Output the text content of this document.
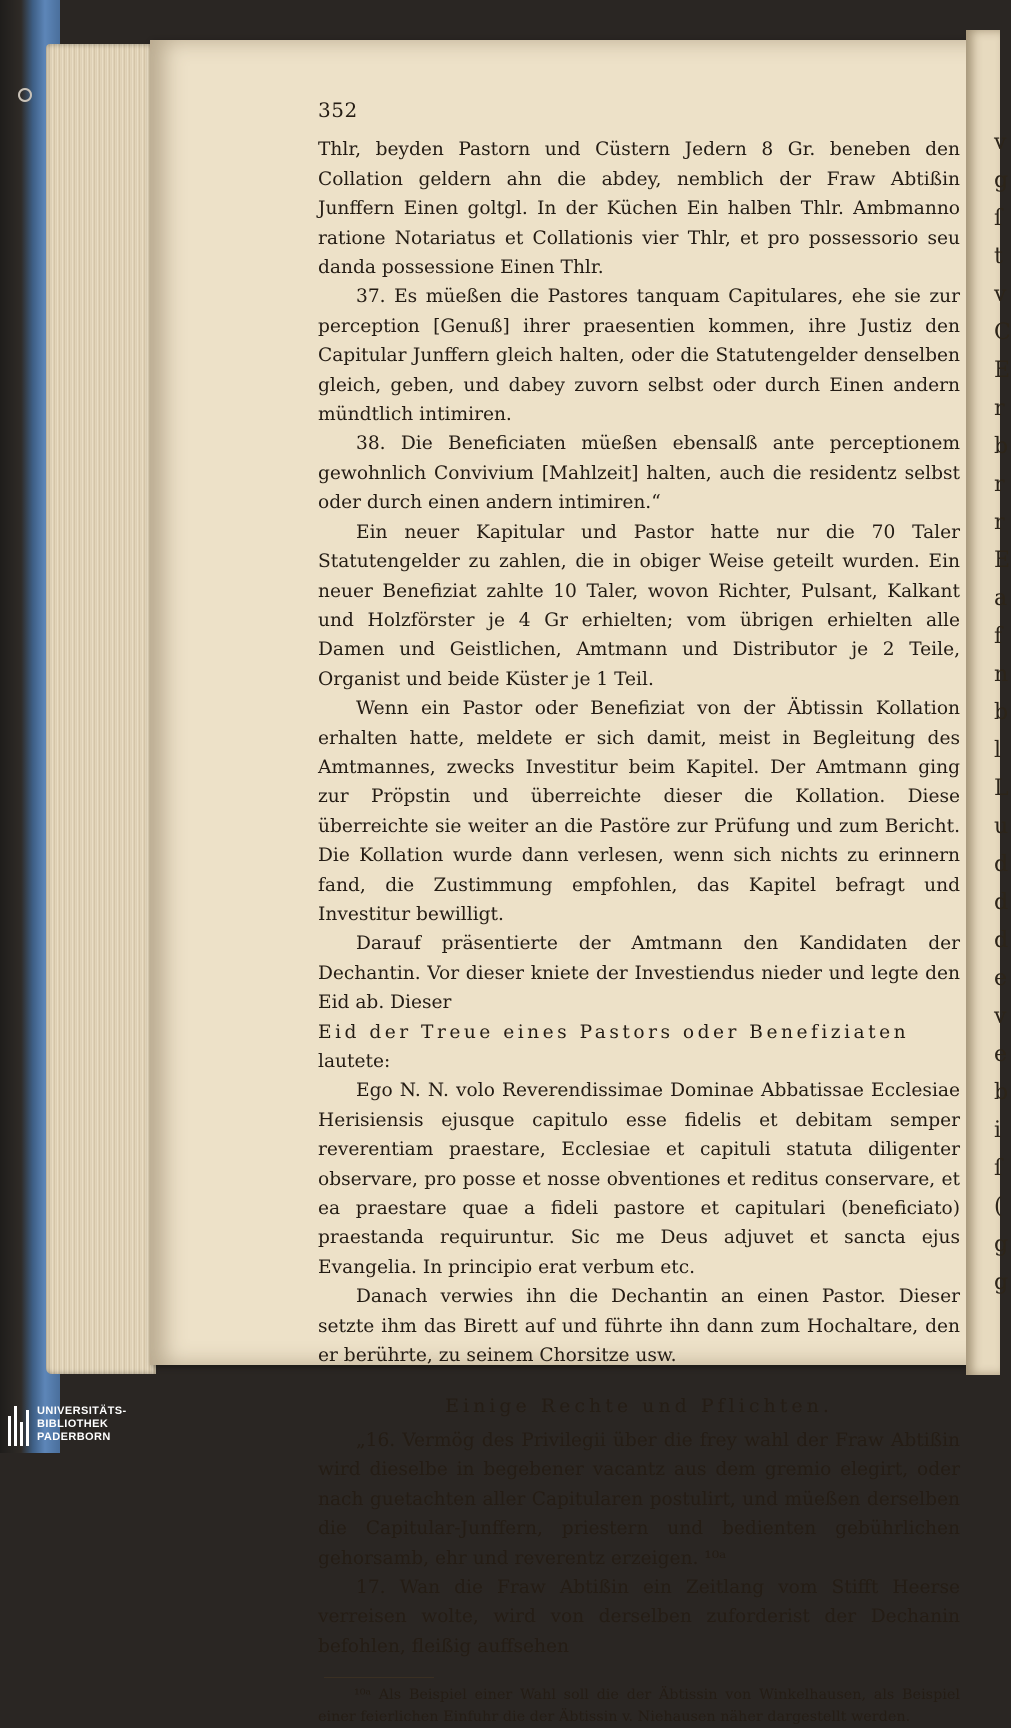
v
g
ſ
t
v
C
E
r
b
r
r
E
a
f
n
b
l
L
u
d
d
d
e
v
e
b
i
ſ
(
g
g
352

Thlr, beyden Pastorn und Cüstern Jedern 8 Gr. beneben den Collation geldern ahn die abdey, nemblich der Fraw Abtißin Junffern Einen goltgl. In der Küchen Ein halben Thlr. Ambmanno ratione Notariatus et Collationis vier Thlr, et pro possessorio seu danda possessione Einen Thlr.

37. Es müeßen die Pastores tanquam Capitulares, ehe sie zur perception [Genuß] ihrer praesentien kommen, ihre Justiz den Capitular Junffern gleich halten, oder die Statutengelder denselben gleich, geben, und dabey zuvorn selbst oder durch Einen andern mündtlich intimiren.

38. Die Beneficiaten müeßen ebensalß ante perceptionem gewohnlich Convivium [Mahlzeit] halten, auch die residentz selbst oder durch einen andern intimiren.“

Ein neuer Kapitular und Pastor hatte nur die 70 Taler Statutengelder zu zahlen, die in obiger Weise geteilt wurden. Ein neuer Benefiziat zahlte 10 Taler, wovon Richter, Pulsant, Kalkant und Holzförster je 4 Gr erhielten; vom übrigen erhielten alle Damen und Geistlichen, Amtmann und Distributor je 2 Teile, Organist und beide Küster je 1 Teil.

Wenn ein Pastor oder Benefiziat von der Äbtissin Kollation erhalten hatte, meldete er sich damit, meist in Begleitung des Amtmannes, zwecks Investitur beim Kapitel. Der Amtmann ging zur Pröpstin und überreichte dieser die Kollation. Diese überreichte sie weiter an die Pastöre zur Prüfung und zum Bericht. Die Kollation wurde dann verlesen, wenn sich nichts zu erinnern fand, die Zustimmung empfohlen, das Kapitel befragt und Investitur bewilligt.

Darauf präsentierte der Amtmann den Kandidaten der Dechantin. Vor dieser kniete der Investiendus nieder und legte den Eid ab. Dieser

Eid der Treue eines Pastors oder Benefiziaten

lautete:

Ego N. N. volo Reverendissimae Dominae Abbatissae Ecclesiae Herisiensis ejusque capitulo esse fidelis et debitam semper reverentiam praestare, Ecclesiae et capituli statuta diligenter observare, pro posse et nosse obventiones et reditus conservare, et ea praestare quae a fideli pastore et capitulari (beneficiato) praestanda requiruntur. Sic me Deus adjuvet et sancta ejus Evangelia. In principio erat verbum etc.

Danach verwies ihn die Dechantin an einen Pastor. Dieser setzte ihm das Birett auf und führte ihn dann zum Hochaltare, den er berührte, zu seinem Chorsitze usw.

Einige Rechte und Pflichten.

„16. Vermög des Privilegii über die frey wahl der Fraw Abtißin wird dieselbe in begebener vacantz aus dem gremio elegirt, oder nach guetachten aller Capitularen postulirt, und müeßen derselben die Capitular-Junffern, priestern und bedienten gebührlichen gehorsamb, ehr und reverentz erzeigen. ¹⁰ᵃ

17. Wan die Fraw Abtißin ein Zeitlang vom Stifft Heerse verreisen wolte, wird von derselben zuforderist der Dechanin befohlen, fleißig auffsehen

¹⁰ᵃ Als Beispiel einer Wahl soll die der Äbtissin von Winkelhausen, als Beispiel einer feierlichen Einfuhr die der Äbtissin v. Niehausen näher dargestellt werden.

UNIVERSITÄTS-
BIBLIOTHEK
PADERBORN
